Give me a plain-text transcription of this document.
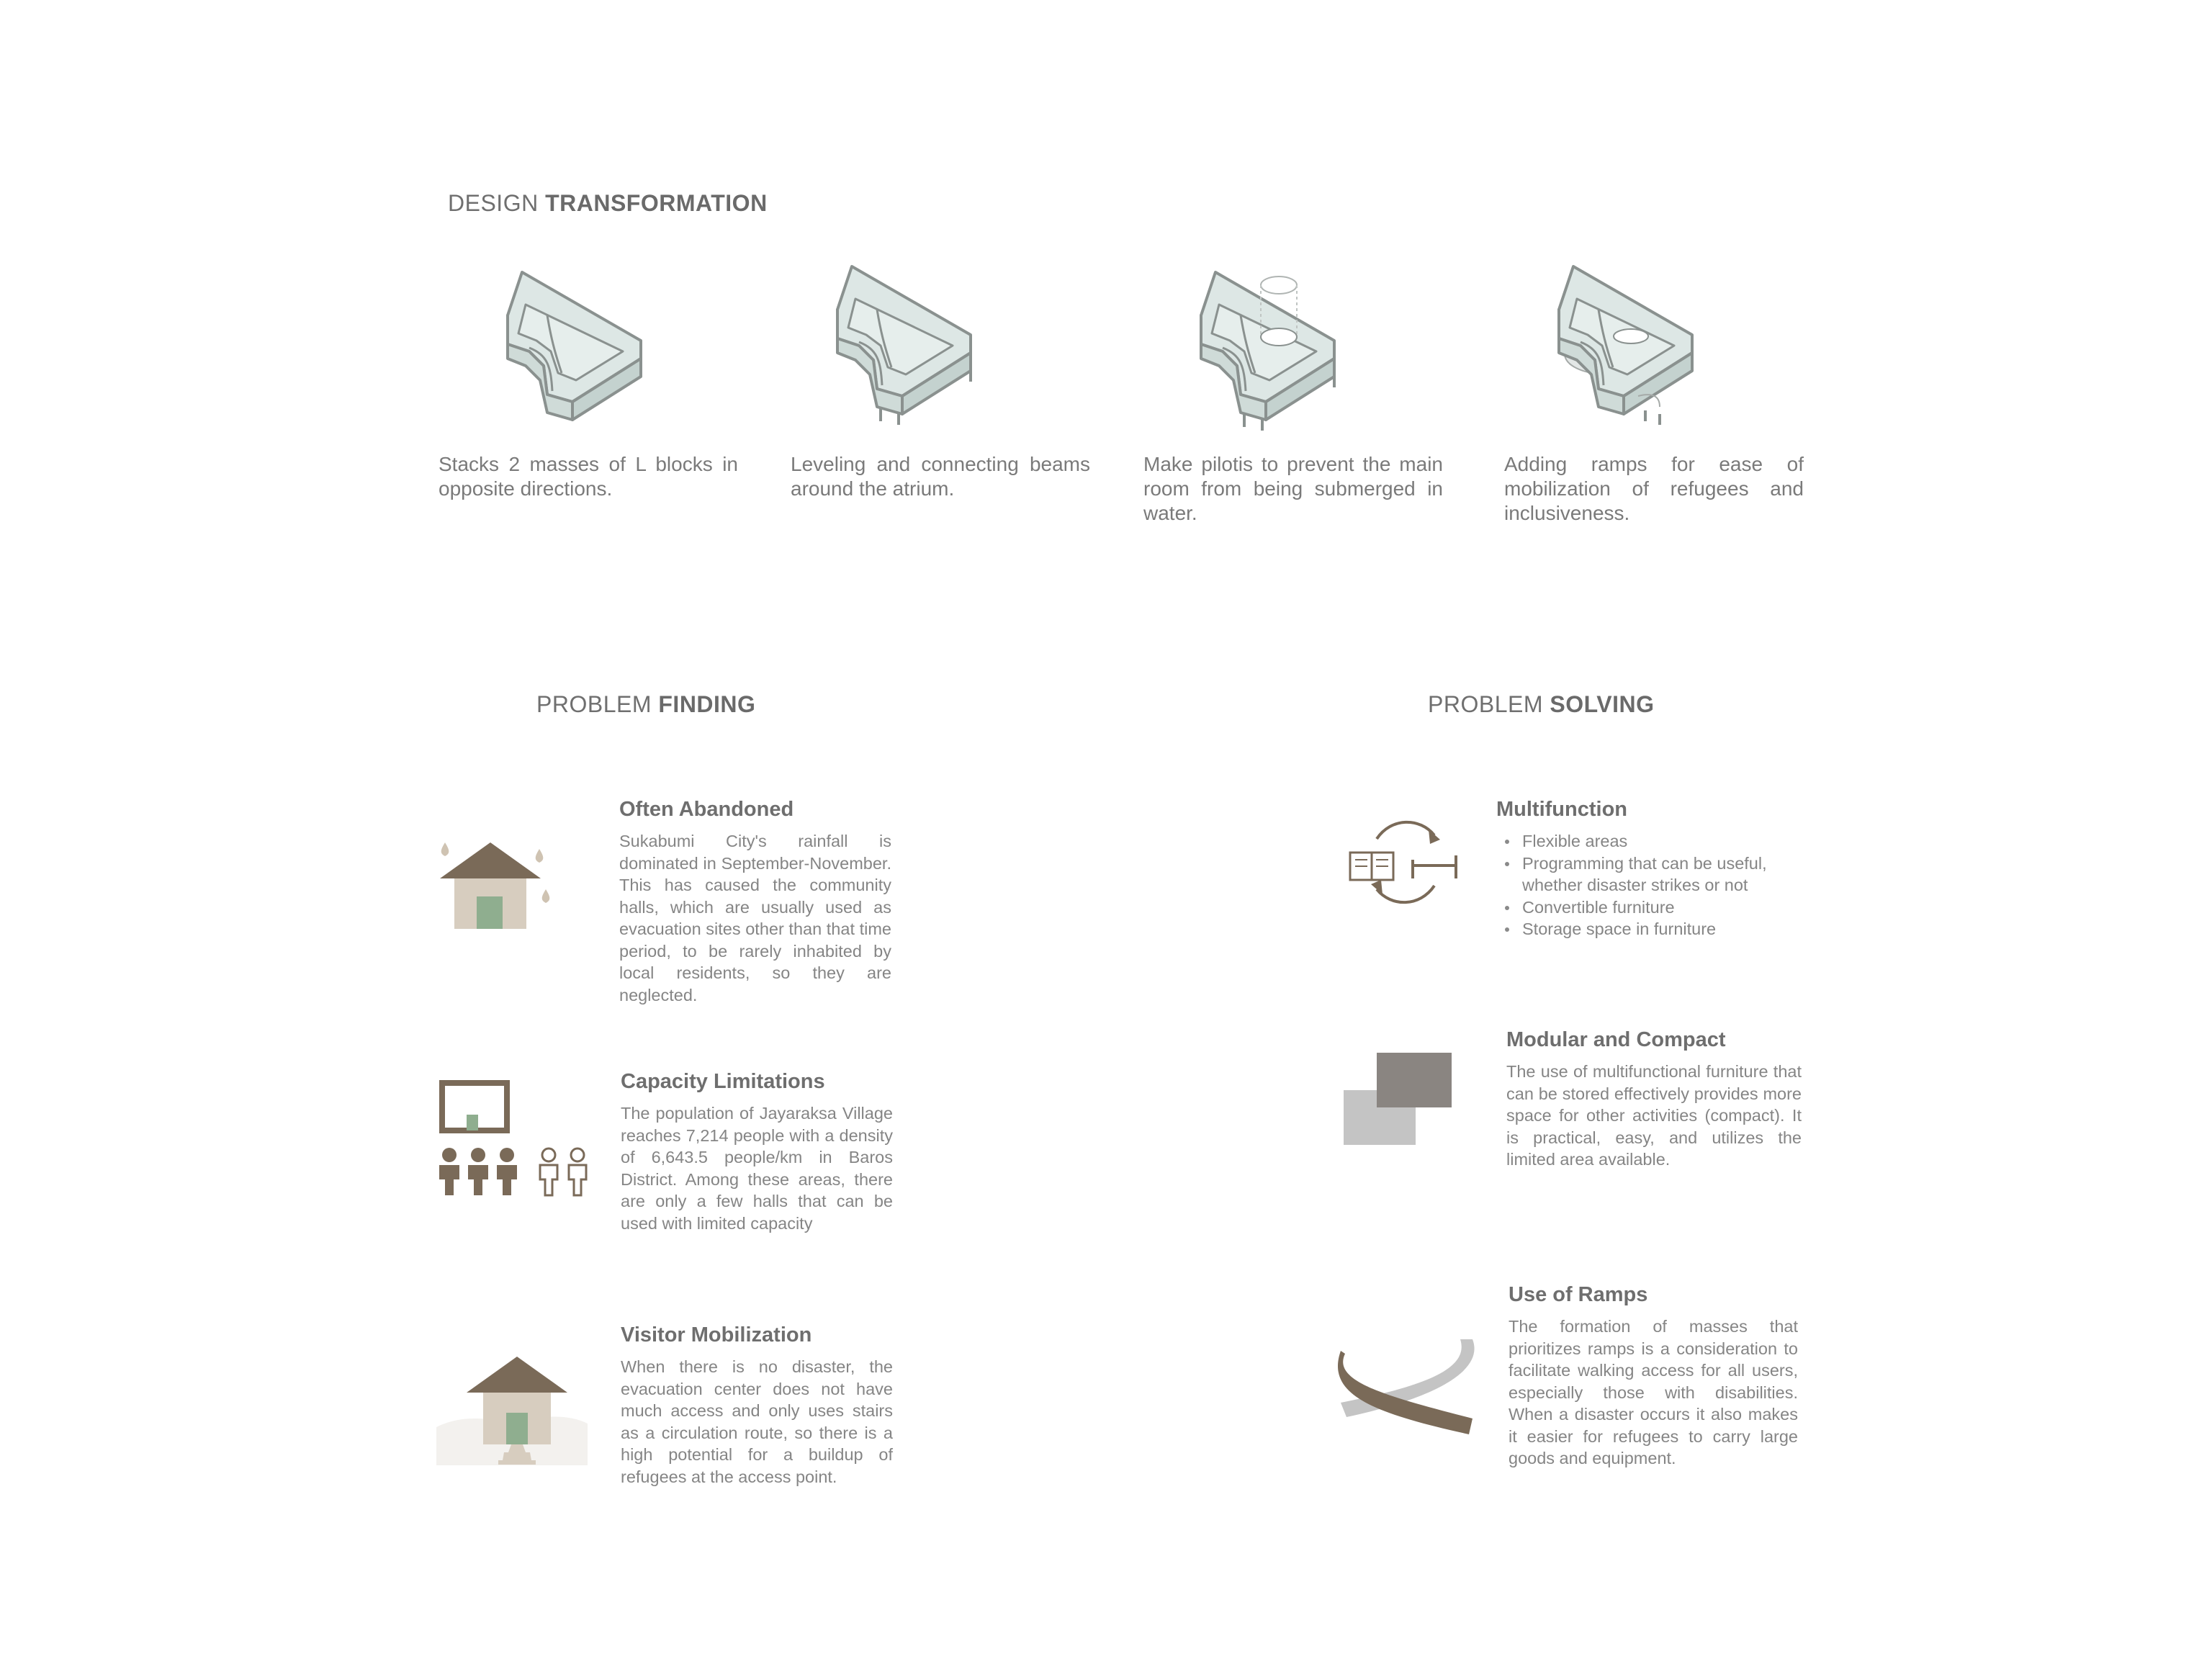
DESIGN TRANSFORMATION
Stacks 2 masses of L blocks in opposite directions.
Leveling and connecting beams around the atrium.
Make pilotis to prevent the main room from being submerged in water.
Adding ramps for ease of mobilization of refugees and inclusiveness.
PROBLEM FINDING
Often Abandoned
Sukabumi City's rainfall is dominated in September-November. This has caused the community halls, which are usually used as evacuation sites other than that time period, to be rarely inhabited by local residents, so they are neglected.
Capacity Limitations
The population of Jayaraksa Village reaches 7,214 people with a density of 6,643.5 people/km in Baros District. Among these areas, there are only a few halls that can be used with limited capacity
Visitor Mobilization
When there is no disaster, the evacuation center does not have much access and only uses stairs as a circulation route, so there is a high potential for a buildup of refugees at the access point.
PROBLEM SOLVING
Multifunction
Flexible areas
Programming that can be useful, whether disaster strikes or not
Convertible furniture
Storage space in furniture
Modular and Compact
The use of multifunctional furniture that can be stored effectively provides more space for other activities (compact). It is practical, easy, and utilizes the limited area available.
Use of Ramps
The formation of masses that prioritizes ramps is a consideration to facilitate walking access for all users, especially those with disabilities. When a disaster occurs it also makes it easier for refugees to carry large goods and equipment.
